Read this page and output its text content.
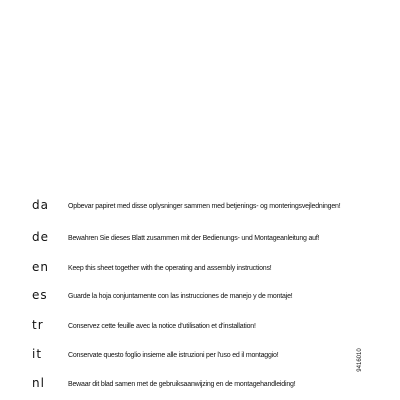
da	Opbevar papiret med disse oplysninger sammen med betjenings- og monteringsvejledningen!
de	Bewahren Sie dieses Blatt zusammen mit der Bedienungs- und Montageanleitung auf!
en	Keep this sheet together with the operating and assembly instructions!
es	Guarde la hoja conjuntamente con las instrucciones de manejo y de montaje!
tr	Conservez cette feuille avec la notice d'utilisation et d'installation!
it	Conservate questo foglio insieme alle istruzioni per l'uso ed il montaggio!
nl	Bewaar dit blad samen met de gebruiksaanwijzing en de montagehandleiding!
9416010
